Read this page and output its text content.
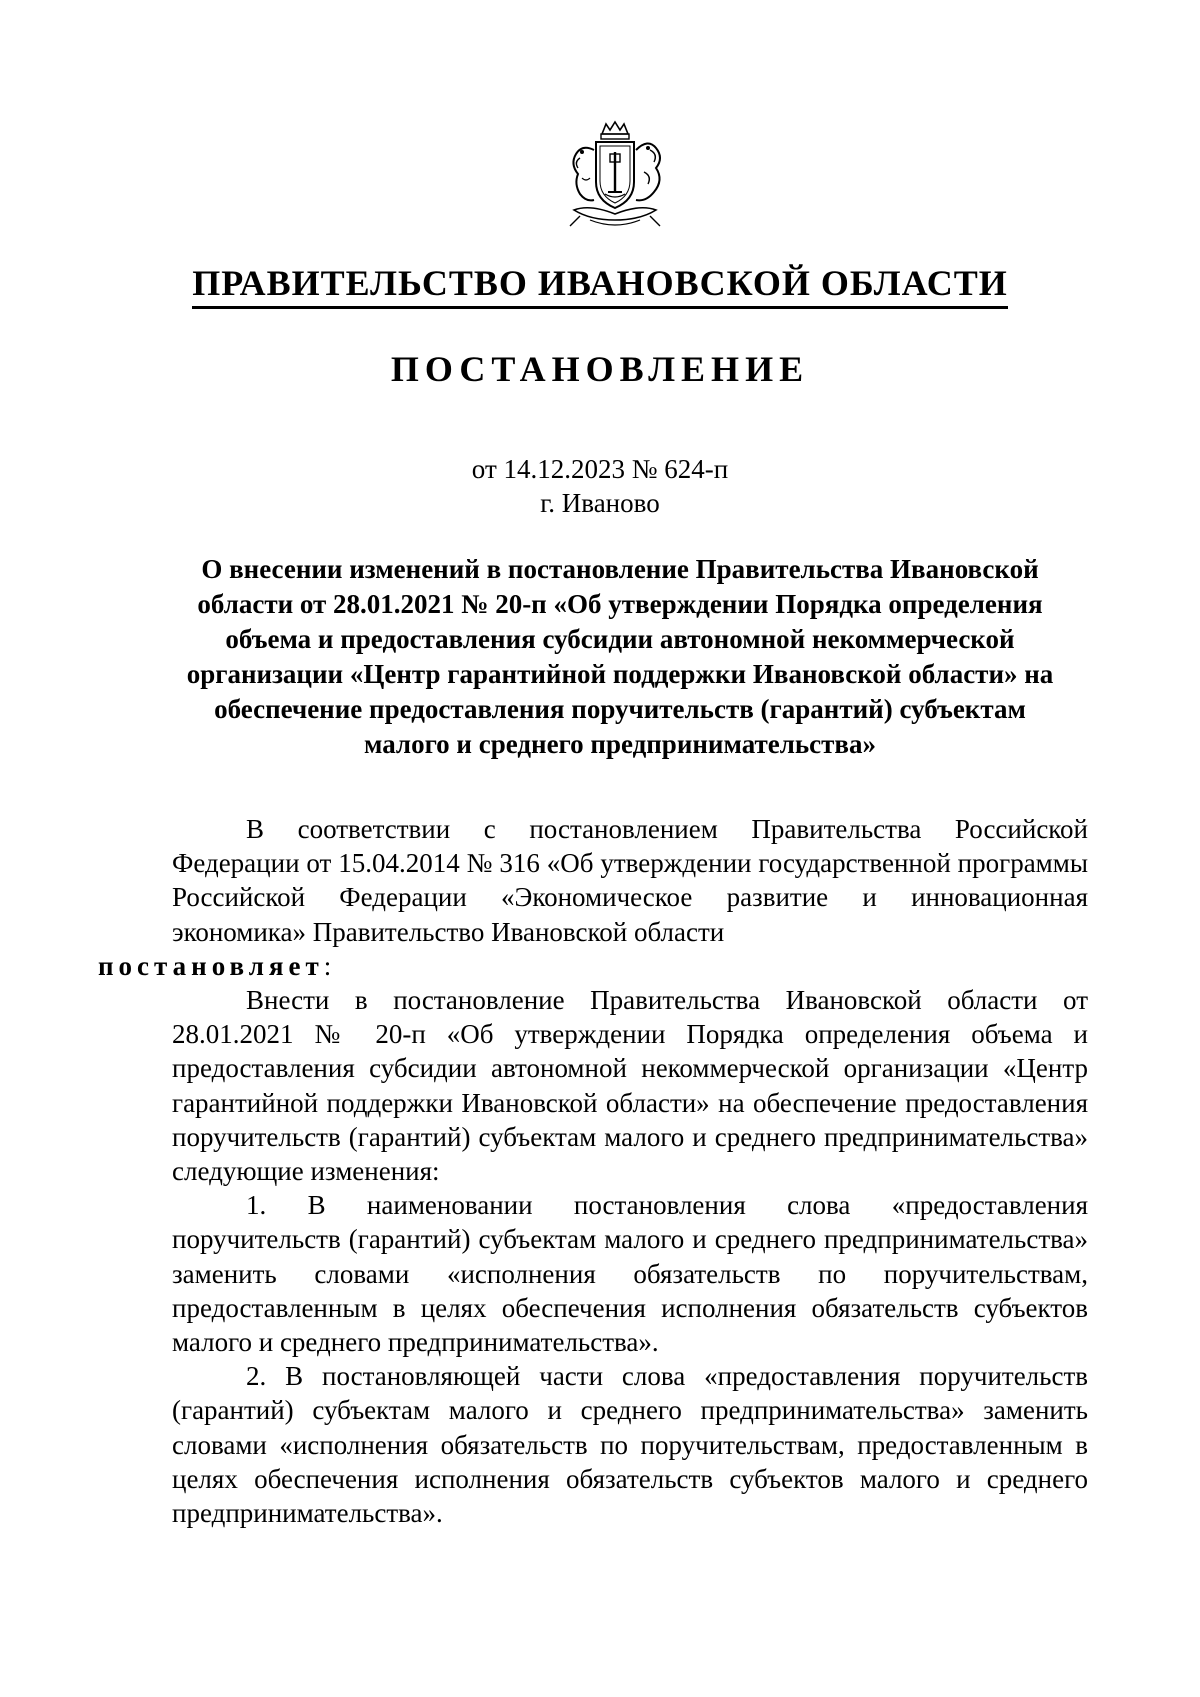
ПРАВИТЕЛЬСТВО ИВАНОВСКОЙ ОБЛАСТИ
ПОСТАНОВЛЕНИЕ
от 14.12.2023 № 624-п
г. Иваново
О внесении изменений в постановление Правительства Ивановской области от 28.01.2021 № 20-п «Об утверждении Порядка определения объема и предоставления субсидии автономной некоммерческой организации «Центр гарантийной поддержки Ивановской области» на обеспечение предоставления поручительств (гарантий) субъектам малого и среднего предпринимательства»

В соответствии с постановлением Правительства Российской Федерации от 15.04.2014 № 316 «Об утверждении государственной программы Российской Федерации «Экономическое развитие и инновационная экономика» Правительство Ивановской области
постановляет:

Внести в постановление Правительства Ивановской области от 28.01.2021 № 20-п «Об утверждении Порядка определения объема и предоставления субсидии автономной некоммерческой организации «Центр гарантийной поддержки Ивановской области» на обеспечение предоставления поручительств (гарантий) субъектам малого и среднего предпринимательства» следующие изменения:

1. В наименовании постановления слова «предоставления поручительств (гарантий) субъектам малого и среднего предпринимательства» заменить словами «исполнения обязательств по поручительствам, предоставленным в целях обеспечения исполнения обязательств субъектов малого и среднего предпринимательства».

2. В постановляющей части слова «предоставления поручительств (гарантий) субъектам малого и среднего предпринимательства» заменить словами «исполнения обязательств по поручительствам, предоставленным в целях обеспечения исполнения обязательств субъектов малого и среднего предпринимательства».
